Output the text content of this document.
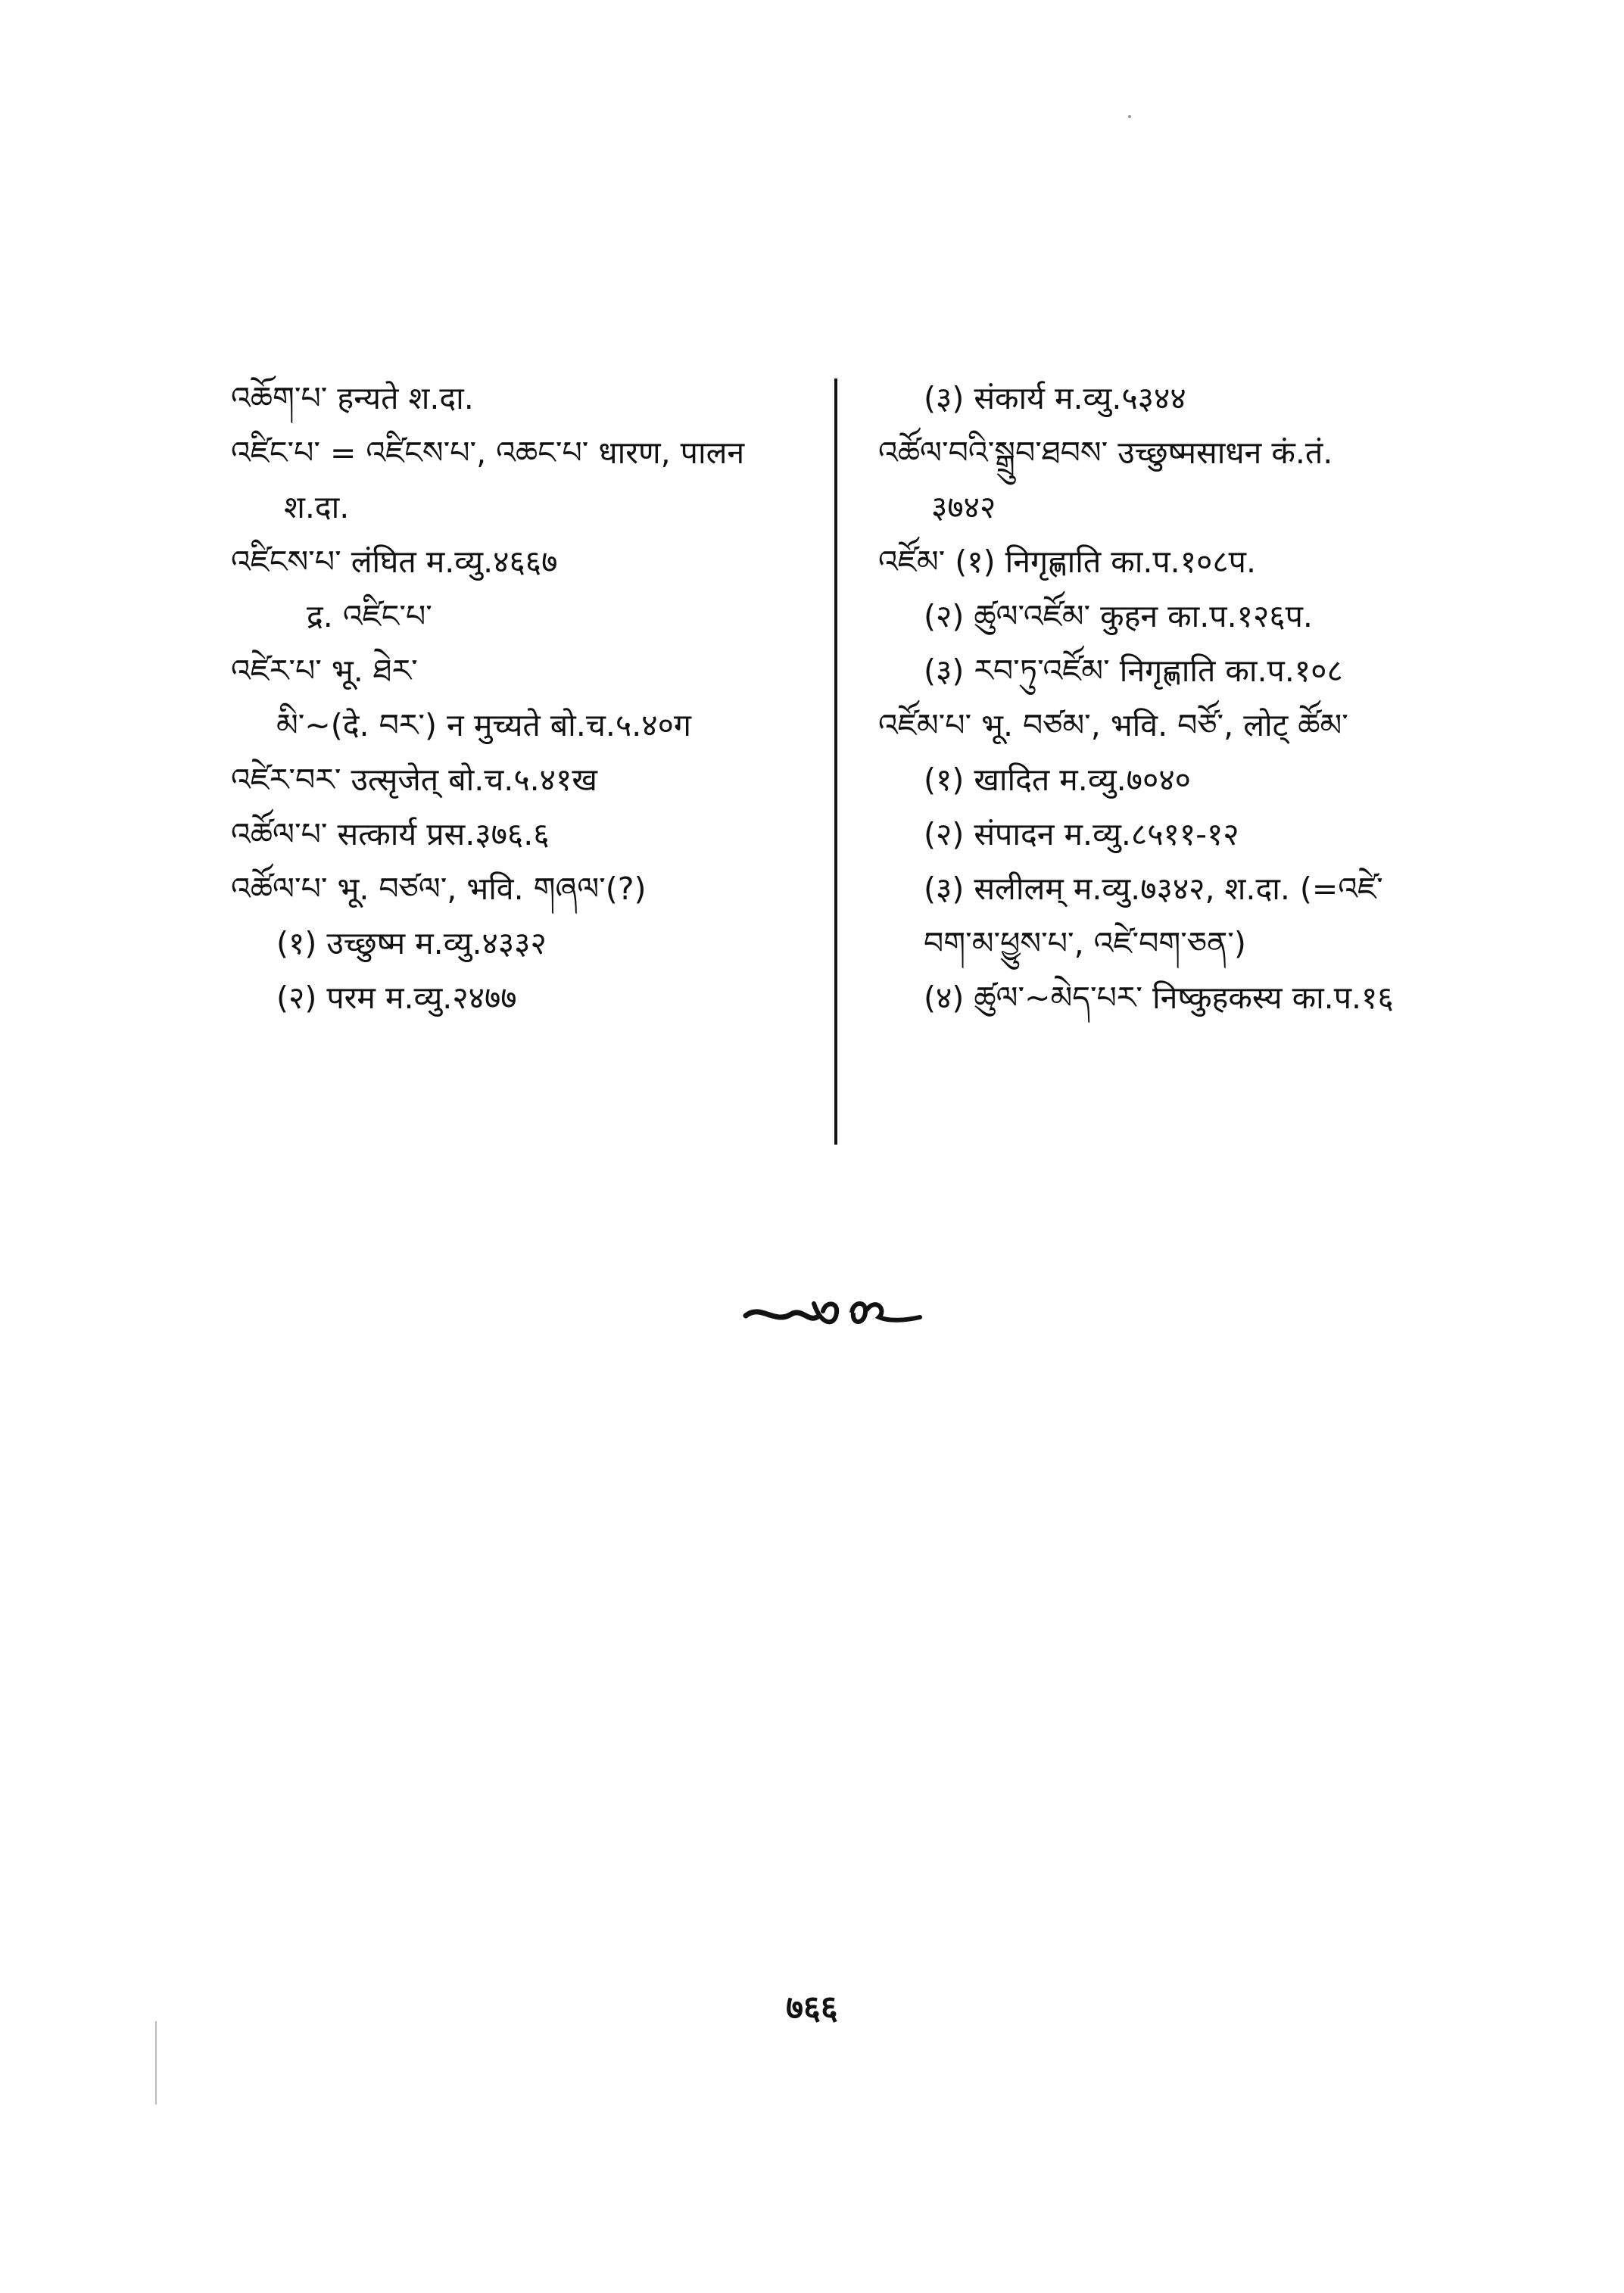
འཆོག་པ་ हन्यते श.दा.
འཛིང་པ་ = འཛིངས་པ་, འཆང་པ་ धारण, पालन
श.दा.
འཛིངས་པ་ लंघित म.व्यु.४६६७
द्र. འཛིང་པ་
འཛེར་པ་ भू. ཐེར་
མི་~(दे. བར་) न मुच्यते बो.च.५.४०ग
འཛེར་བར་ उत्सृजेत् बो.च.५.४१ख
འཚོལ་པ་ सत्कार्य प्रस.३७६.६
འཚོལ་པ་ भू. བཙལ་, भवि. གཞལ་(?)
(१) उच्छुष्म म.व्यु.४३३२
(२) परम म.व्यु.२४७७
(३) संकार्य म.व्यु.५३४४
འཚོལ་བའི་སྒྲུབ་ཐབས་ उच्छुष्मसाधन कं.तं.
३७४२
འཛོམ་ (१) निगृह्णाति का.प.१०८प.
(२) ཚུལ་འཛོམ་ कुहन का.प.१२६प.
(३) རབ་ཏུ་འཛོམ་ निगृह्णाति का.प.१०८
འཛོམ་པ་ भू. བཙམ་, भवि. བཙོ་, लोट् ཚོམ་
(१) खादित म.व्यु.७०४०
(२) संपादन म.व्यु.८५११-१२
(३) सलीलम् म.व्यु.७३४२, श.दा. (=འཛེ་
བག་མ་ཕྱུས་པ་, འཛེ་བག་ཅན་)
(४) ཚུལ་~མེད་པར་ निष्कुहकस्य का.प.१६
७६६
